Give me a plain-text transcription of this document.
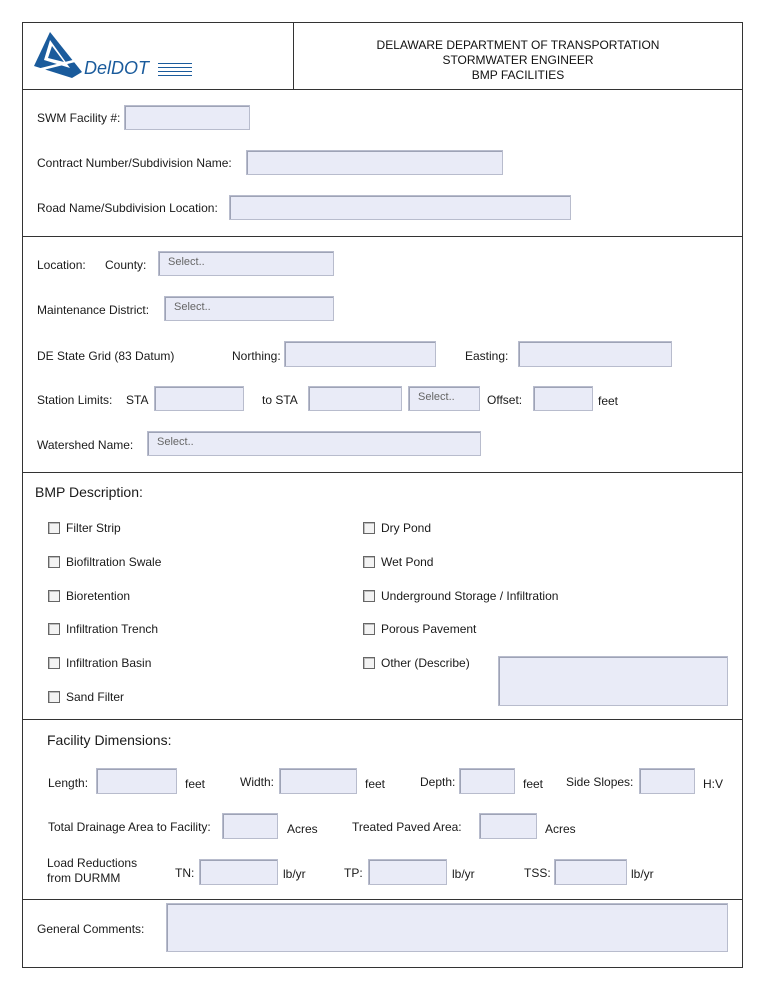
DelDOT
DELAWARE DEPARTMENT OF TRANSPORTATION
STORMWATER ENGINEER
BMP FACILITIES
SWM Facility #:
Contract Number/Subdivision Name:
Road Name/Subdivision Location:
Location: County:	Select..
Maintenance District:	Select..
DE State Grid (83 Datum)	Northing:	Easting:
Station Limits: STA	to STA	Select..	Offset:	feet
Watershed Name:	Select..
BMP Description:
Filter Strip
Biofiltration Swale
Bioretention
Infiltration Trench
Infiltration Basin
Sand Filter
Dry Pond
Wet Pond
Underground Storage / Infiltration
Porous Pavement
Other (Describe)
Facility Dimensions:
Length:	feet	Width:	feet	Depth:	feet Side Slopes:	H:V
Total Drainage Area to Facility:	Acres	Treated Paved Area:	Acres
Load Reductions
from DURMM	TN:	lb/yr	TP:	lb/yr	TSS:	lb/yr
General Comments:
